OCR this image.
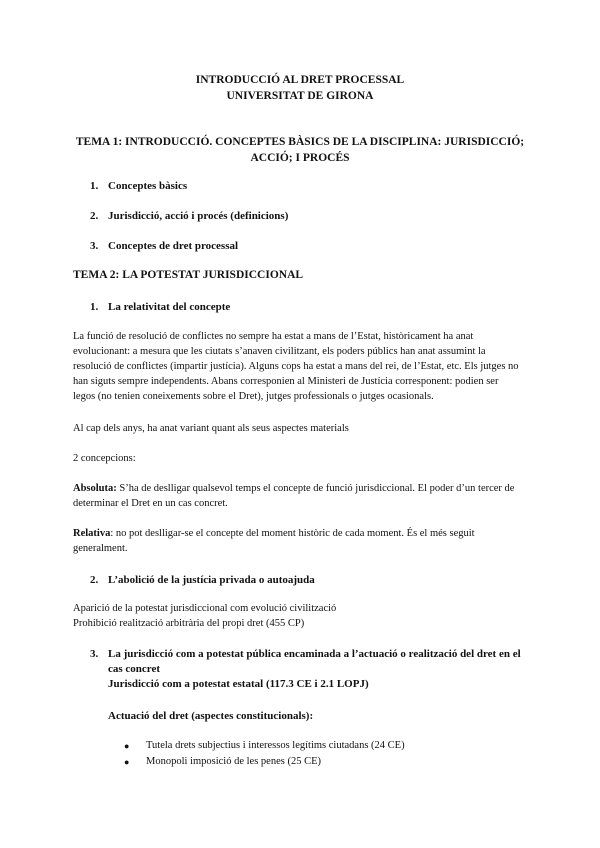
INTRODUCCIÓ AL DRET PROCESSAL
UNIVERSITAT DE GIRONA
TEMA 1: INTRODUCCIÓ. CONCEPTES BÀSICS DE LA DISCIPLINA: JURISDICCIÓ;
ACCIÓ; I PROCÉS
1. Conceptes bàsics
2. Jurisdicció, acció i procés (definicions)
3. Conceptes de dret processal
TEMA 2: LA POTESTAT JURISDICCIONAL
1. La relativitat del concepte
La funció de resolució de conflictes no sempre ha estat a mans de l’Estat, històricament ha anat evolucionant: a mesura que les ciutats s’anaven civilitzant, els poders públics han anat assumint la resolució de conflictes (impartir justícia). Alguns cops ha estat a mans del rei, de l’Estat, etc. Els jutges no han siguts sempre independents. Abans corresponien al Ministeri de Justícia corresponent: podien ser legos (no tenien coneixements sobre el Dret), jutges professionals o jutges ocasionals.
Al cap dels anys, ha anat variant quant als seus aspectes materials
2 concepcions:
Absoluta: S’ha de deslligar qualsevol temps el concepte de funció jurisdiccional. El poder d’un tercer de determinar el Dret en un cas concret.
Relativa: no pot deslligar-se el concepte del moment històric de cada moment. És el més seguit generalment.
2. L’abolició de la justícia privada o autoajuda
Aparició de la potestat jurisdiccional com evolució civilització
Prohibició realització arbitrària del propi dret (455 CP)
3. La jurisdicció com a potestat pública encaminada a l’actuació o realització del dret en el
cas concret
Jurisdicció com a potestat estatal (117.3 CE i 2.1 LOPJ)
Actuació del dret (aspectes constitucionals):
● Tutela drets subjectius i interessos legítims ciutadans (24 CE)
● Monopoli imposició de les penes (25 CE)
